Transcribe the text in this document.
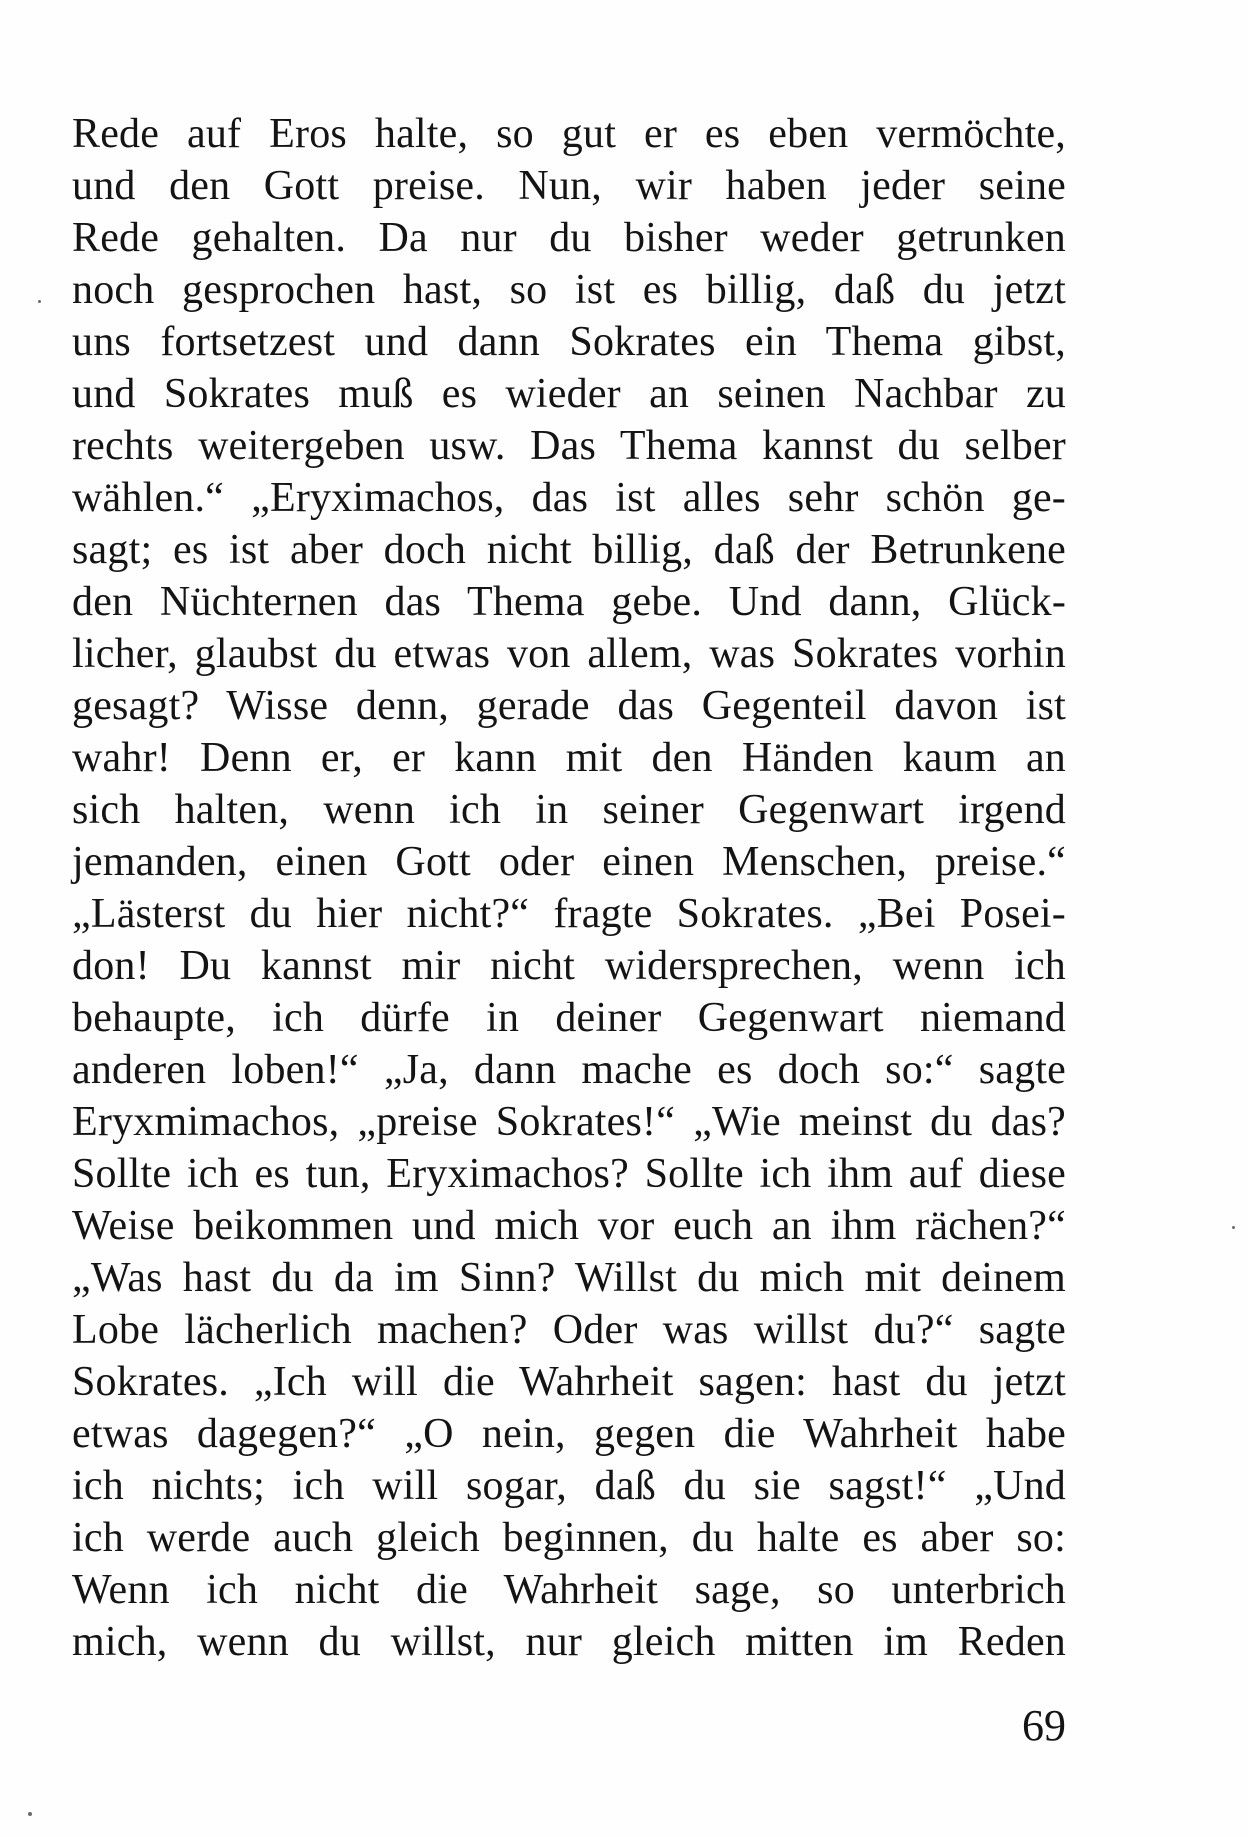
Rede auf Eros halte, so gut er es eben vermöchte,
und den Gott preise. Nun, wir haben jeder seine
Rede gehalten. Da nur du bisher weder getrunken
noch gesprochen hast, so ist es billig, daß du jetzt
uns fortsetzest und dann Sokrates ein Thema gibst,
und Sokrates muß es wieder an seinen Nachbar zu
rechts weitergeben usw. Das Thema kannst du selber
wählen.“ „Eryximachos, das ist alles sehr schön ge-
sagt; es ist aber doch nicht billig, daß der Betrunkene
den Nüchternen das Thema gebe. Und dann, Glück-
licher, glaubst du etwas von allem, was Sokrates vorhin
gesagt? Wisse denn, gerade das Gegenteil davon ist
wahr! Denn er, er kann mit den Händen kaum an
sich halten, wenn ich in seiner Gegenwart irgend
jemanden, einen Gott oder einen Menschen, preise.“
„Lästerst du hier nicht?“ fragte Sokrates. „Bei Posei-
don! Du kannst mir nicht widersprechen, wenn ich
behaupte, ich dürfe in deiner Gegenwart niemand
anderen loben!“ „Ja, dann mache es doch so:“ sagte
Eryxmimachos, „preise Sokrates!“ „Wie meinst du das?
Sollte ich es tun, Eryximachos? Sollte ich ihm auf diese
Weise beikommen und mich vor euch an ihm rächen?“
„Was hast du da im Sinn? Willst du mich mit deinem
Lobe lächerlich machen? Oder was willst du?“ sagte
Sokrates. „Ich will die Wahrheit sagen: hast du jetzt
etwas dagegen?“ „O nein, gegen die Wahrheit habe
ich nichts; ich will sogar, daß du sie sagst!“ „Und
ich werde auch gleich beginnen, du halte es aber so:
Wenn ich nicht die Wahrheit sage, so unterbrich
mich, wenn du willst, nur gleich mitten im Reden
69
